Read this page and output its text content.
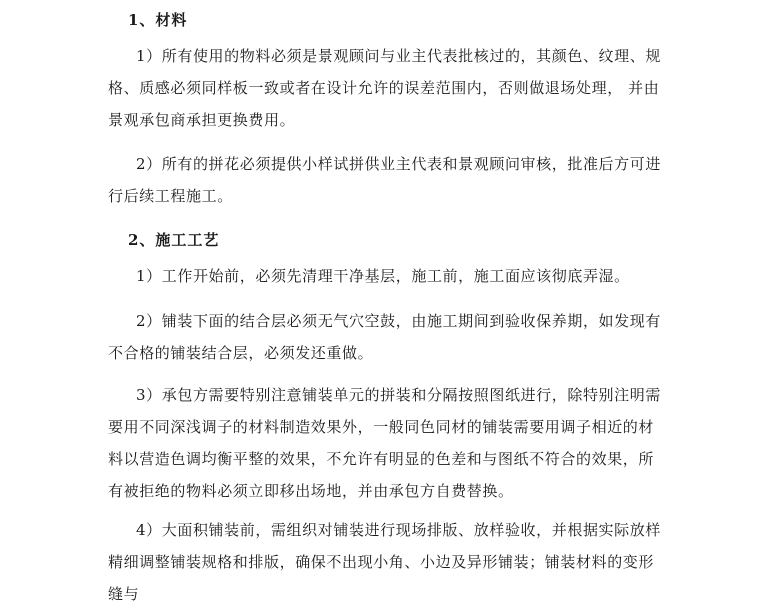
1、材料

1）所有使用的物料必须是景观顾问与业主代表批核过的，其颜色、纹理、规格、质感必须同样板一致或者在设计允许的误差范围内，否则做退场处理， 并由景观承包商承担更换费用。

2）所有的拼花必须提供小样试拼供业主代表和景观顾问审核，批准后方可进行后续工程施工。

2、施工工艺

1）工作开始前，必须先清理干净基层，施工前，施工面应该彻底弄湿。

2）铺装下面的结合层必须无气穴空鼓，由施工期间到验收保养期，如发现有不合格的铺装结合层，必须发还重做。

3）承包方需要特别注意铺装单元的拼装和分隔按照图纸进行，除特别注明需要用不同深浅调子的材料制造效果外，一般同色同材的铺装需要用调子相近的材料以营造色调均衡平整的效果，不允许有明显的色差和与图纸不符合的效果，所有被拒绝的物料必须立即移出场地，并由承包方自费替换。

4）大面积铺装前，需组织对铺装进行现场排版、放样验收，并根据实际放样精细调整铺装规格和排版，确保不出现小角、小边及异形铺装；铺装材料的变形缝与
